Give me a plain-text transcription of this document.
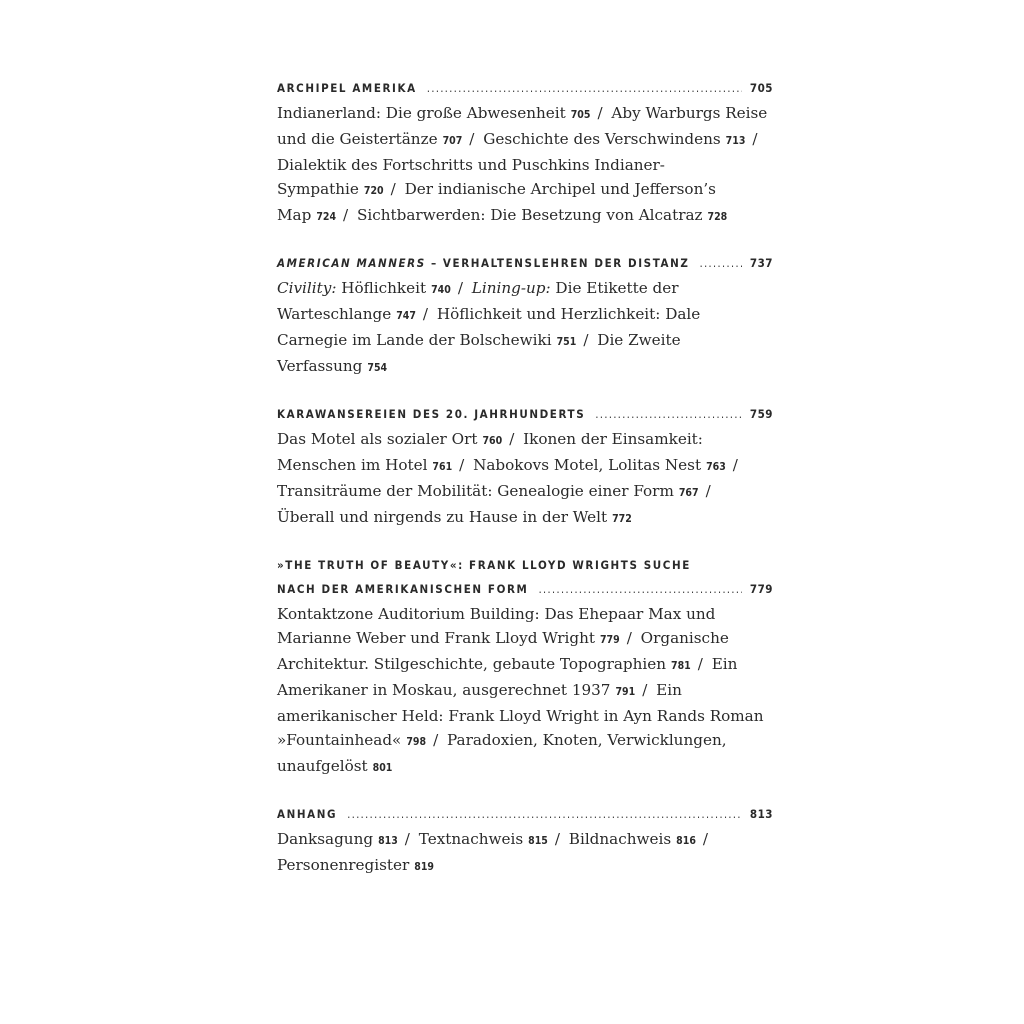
ARCHIPEL AMERIKA .....	705
Indianerland: Die große Abwesenheit 705 / Aby Warburgs Reise und die Geistertänze 707 / Geschichte des Verschwindens 713 / Dialektik des Fortschritts und Puschkins Indianer-Sympathie 720 / Der indianische Archipel und Jefferson’s Map 724 / Sichtbarwerden: Die Besetzung von Alcatraz 728
AMERICAN MANNERS – VERHALTENSLEHREN DER DISTANZ .....	737
Civility: Höflichkeit 740 / Lining-up: Die Etikette der Warteschlange 747 / Höflichkeit und Herzlichkeit: Dale Carnegie im Lande der Bolschewiki 751 / Die Zweite Verfassung 754
KARAWANSEREIEN DES 20. JAHRHUNDERTS .....	759
Das Motel als sozialer Ort 760 / Ikonen der Einsamkeit: Menschen im Hotel 761 / Nabokovs Motel, Lolitas Nest 763 / Transiträume der Mobilität: Genealogie einer Form 767 / Überall und nirgends zu Hause in der Welt 772
»THE TRUTH OF BEAUTY«: FRANK LLOYD WRIGHTS SUCHE
NACH DER AMERIKANISCHEN FORM .....	779
Kontaktzone Auditorium Building: Das Ehepaar Max und Marianne Weber und Frank Lloyd Wright 779 / Organische Architektur. Stilgeschichte, gebaute Topographien 781 / Ein Amerikaner in Moskau, ausgerechnet 1937 791 / Ein amerikanischer Held: Frank Lloyd Wright in Ayn Rands Roman »Fountainhead« 798 / Paradoxien, Knoten, Verwicklungen, unaufgelöst 801
ANHANG .....	813
Danksagung 813 / Textnachweis 815 / Bildnachweis 816 / Personenregister 819
